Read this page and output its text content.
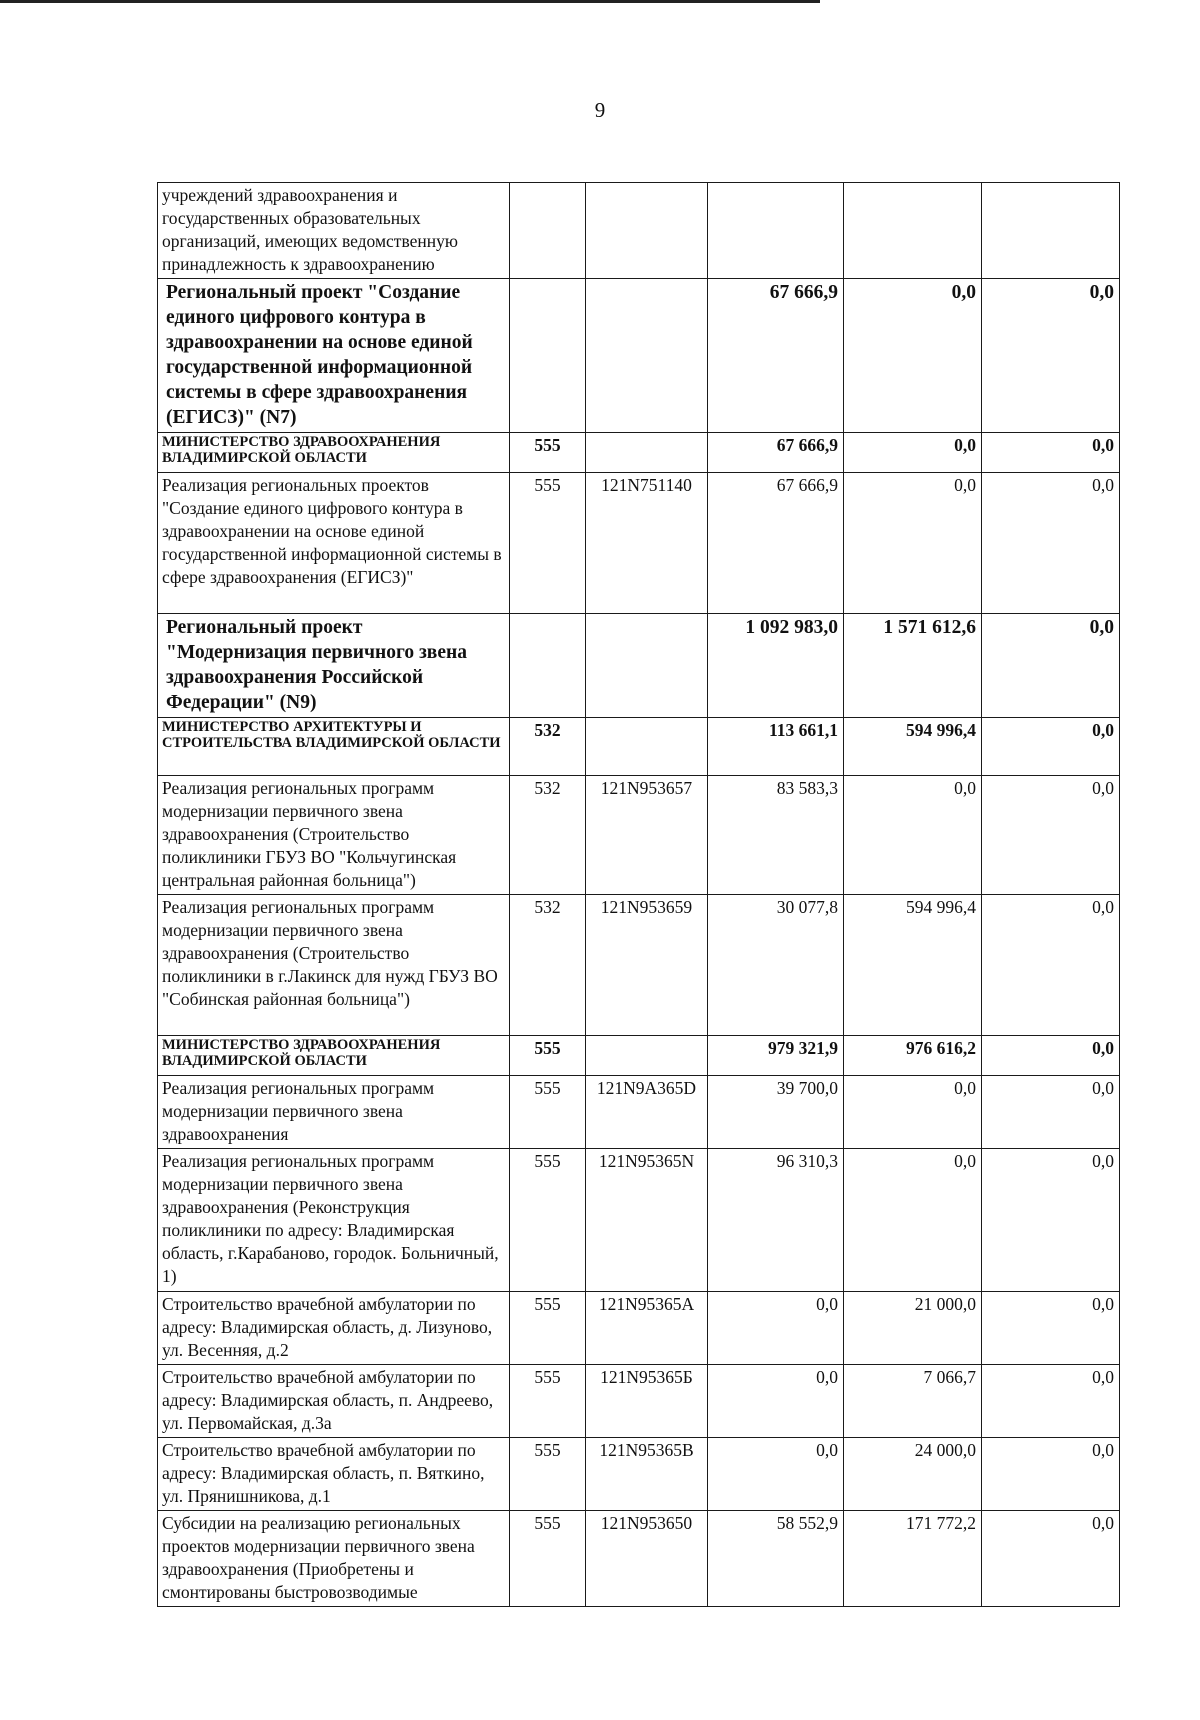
9
учреждений здравоохранения и государственных образовательных организаций, имеющих ведомственную принадлежность к здравоохранению					
Региональный проект "Создание единого цифрового контура в здравоохранении на основе единой государственной информационной системы в сфере здравоохранения (ЕГИСЗ)" (N7)			67 666,9	0,0	0,0
МИНИСТЕРСТВО ЗДРАВООХРАНЕНИЯ ВЛАДИМИРСКОЙ ОБЛАСТИ	555		67 666,9	0,0	0,0
Реализация региональных проектов "Создание единого цифрового контура в здравоохранении на основе единой государственной информационной системы в сфере здравоохранения (ЕГИСЗ)"	555	121N751140	67 666,9	0,0	0,0
Региональный проект "Модернизация первичного звена здравоохранения Российской Федерации" (N9)			1 092 983,0	1 571 612,6	0,0
МИНИСТЕРСТВО АРХИТЕКТУРЫ И СТРОИТЕЛЬСТВА ВЛАДИМИРСКОЙ ОБЛАСТИ	532		113 661,1	594 996,4	0,0
Реализация региональных программ модернизации первичного звена здравоохранения (Строительство поликлиники ГБУЗ ВО "Кольчугинская центральная районная больница")	532	121N953657	83 583,3	0,0	0,0
Реализация региональных программ модернизации первичного звена здравоохранения (Строительство поликлиники в г.Лакинск для нужд ГБУЗ ВО "Собинская районная больница")	532	121N953659	30 077,8	594 996,4	0,0
МИНИСТЕРСТВО ЗДРАВООХРАНЕНИЯ ВЛАДИМИРСКОЙ ОБЛАСТИ	555		979 321,9	976 616,2	0,0
Реализация региональных программ модернизации первичного звена здравоохранения	555	121N9A365D	39 700,0	0,0	0,0
Реализация региональных программ модернизации первичного звена здравоохранения (Реконструкция поликлиники по адресу: Владимирская область, г.Карабаново, городок. Больничный, 1)	555	121N95365N	96 310,3	0,0	0,0
Строительство врачебной амбулатории по адресу: Владимирская область, д. Лизуново, ул. Весенняя, д.2	555	121N95365A	0,0	21 000,0	0,0
Строительство врачебной амбулатории по адресу: Владимирская область, п. Андреево, ул. Первомайская, д.3а	555	121N95365Б	0,0	7 066,7	0,0
Строительство врачебной амбулатории по адресу: Владимирская область, п. Вяткино, ул. Прянишникова, д.1	555	121N95365B	0,0	24 000,0	0,0
Субсидии на реализацию региональных проектов модернизации первичного звена здравоохранения (Приобретены и смонтированы быстровозводимые	555	121N953650	58 552,9	171 772,2	0,0
